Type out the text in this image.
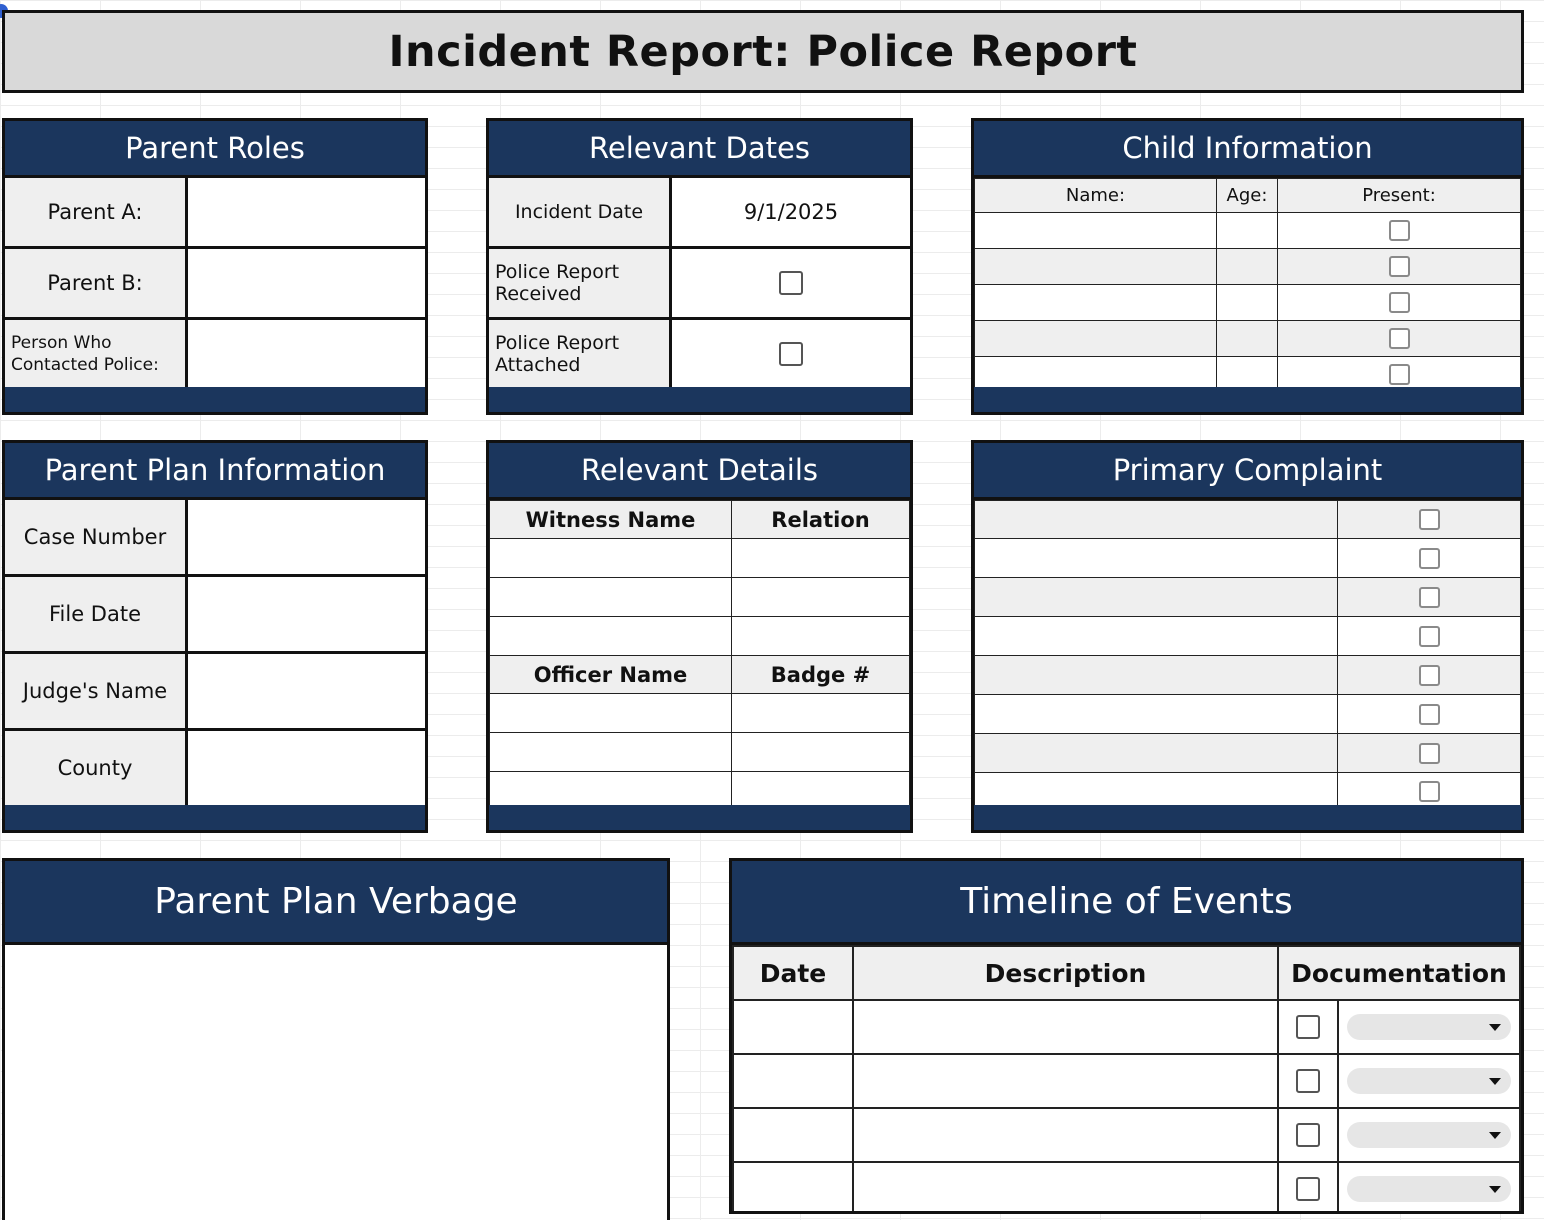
Incident Report: Police Report
Parent Roles
Parent A:
Parent B:
Person Who Contacted Police:
Relevant Dates
Incident Date	9/1/2025
Police Report Received
Police Report Attached
Child Information
Name:	Age:	Present:

Parent Plan Information
Case Number
File Date
Judge's Name
County
Relevant Details
Witness Name	Relation

Officer Name	Badge #

Primary Complaint

Parent Plan Verbage	Timeline of Events
Date	Description	Documentation	
